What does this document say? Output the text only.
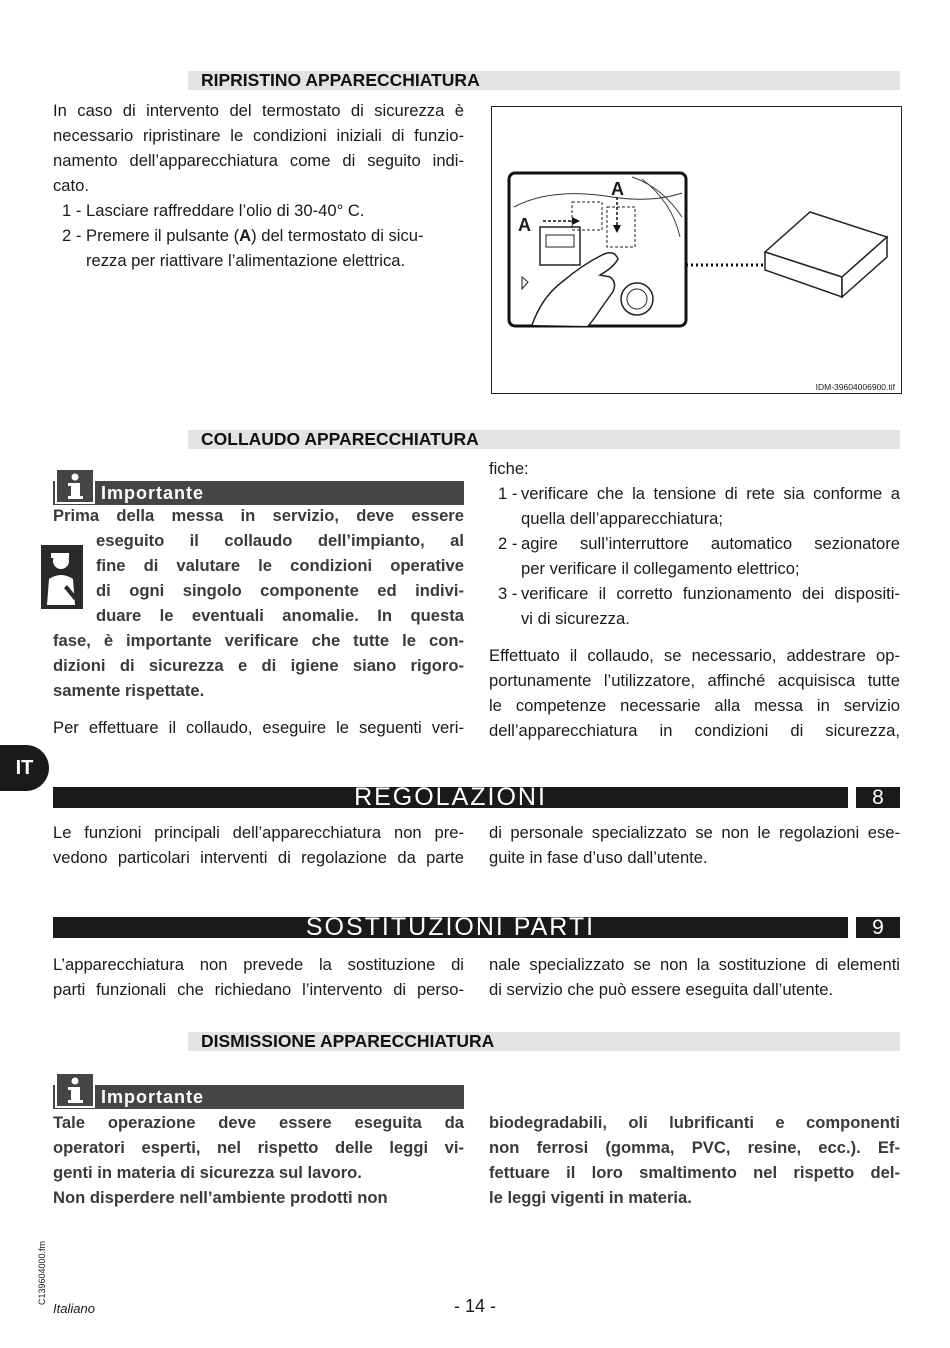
RIPRISTINO APPARECCHIATURA
In caso di intervento del termostato di sicurezza è
necessario ripristinare le condizioni iniziali di funzio-
namento dell’apparecchiatura come di seguito indi-
cato.
1 - Lasciare raffreddare l’olio di 30-40° C.
2 - Premere il pulsante (A) del termostato di sicu-
rezza per riattivare l’alimentazione elettrica.
A
A
IDM-39604006900.tif
COLLAUDO APPARECCHIATURA
Importante
Prima della messa in servizio, deve essere
eseguito il collaudo dell’impianto, al
fine di valutare le condizioni operative
di ogni singolo componente ed indivi-
duare le eventuali anomalie. In questa
fase, è importante verificare che tutte le con-
dizioni di sicurezza e di igiene siano rigoro-
samente rispettate.
Per effettuare il collaudo, eseguire le seguenti veri-
fiche:
1 - verificare che la tensione di rete sia conforme a
quella dell’apparecchiatura;
2 - agire sull’interruttore automatico sezionatore
per verificare il collegamento elettrico;
3 - verificare il corretto funzionamento dei dispositi-
vi di sicurezza.
Effettuato il collaudo, se necessario, addestrare op-
portunamente l’utilizzatore, affinché acquisisca tutte
le competenze necessarie alla messa in servizio
dell’apparecchiatura in condizioni di sicurezza,
IT
REGOLAZIONI	8
Le funzioni principali dell’apparecchiatura non pre-
vedono particolari interventi di regolazione da parte
di personale specializzato se non le regolazioni ese-
guite in fase d’uso dall’utente.
SOSTITUZIONI PARTI	9
L’apparecchiatura non prevede la sostituzione di
parti funzionali che richiedano l’intervento di perso-
nale specializzato se non la sostituzione di elementi
di servizio che può essere eseguita dall’utente.
DISMISSIONE APPARECCHIATURA
Importante
Tale operazione deve essere eseguita da
operatori esperti, nel rispetto delle leggi vi-
genti in materia di sicurezza sul lavoro.
Non disperdere nell’ambiente prodotti non
biodegradabili, oli lubrificanti e componenti
non ferrosi (gomma, PVC, resine, ecc.). Ef-
fettuare il loro smaltimento nel rispetto del-
le leggi vigenti in materia.
C139604000.fm
Italiano	- 14 -
